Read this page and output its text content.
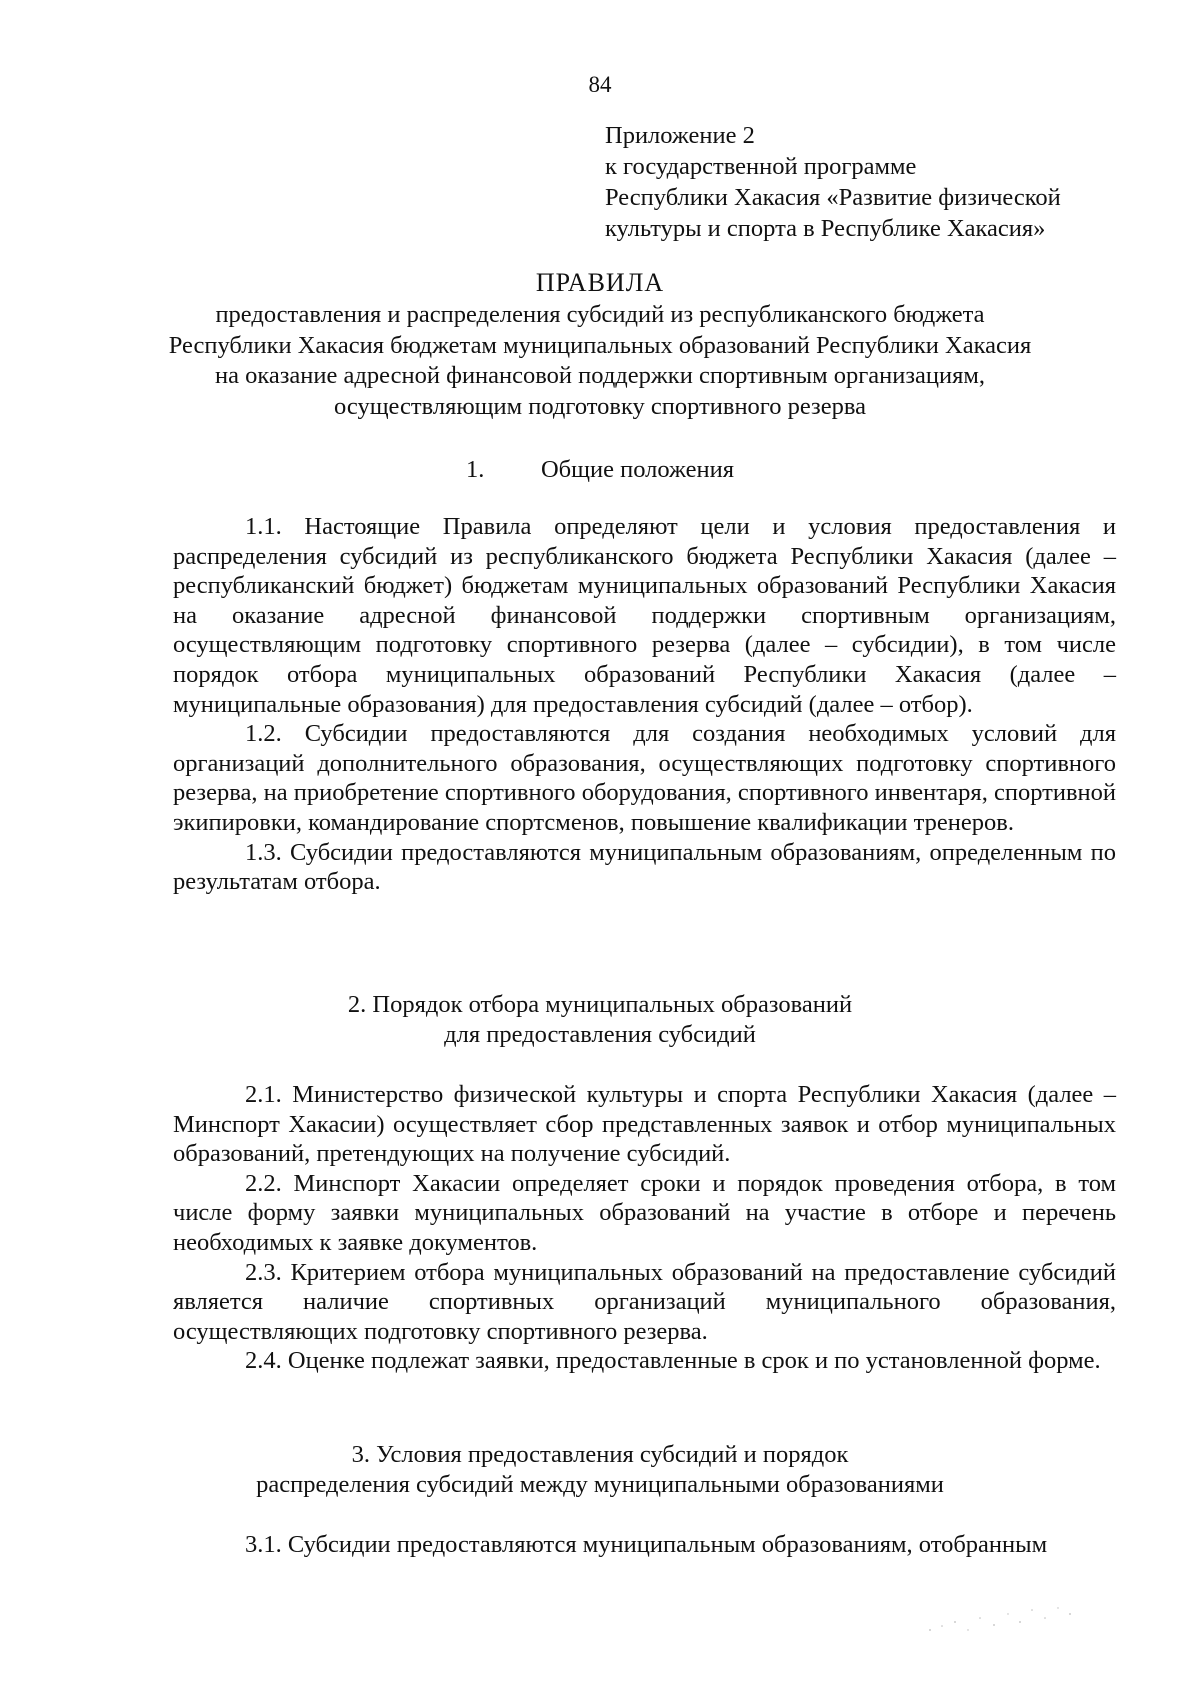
84
Приложение 2
к государственной программе
Республики Хакасия «Развитие физической
культуры и спорта в Республике Хакасия»
ПРАВИЛА
предоставления и распределения субсидий из республиканского бюджета
Республики Хакасия бюджетам муниципальных образований Республики Хакасия
на оказание адресной финансовой поддержки спортивным организациям,
осуществляющим подготовку спортивного резерва
1. Общие положения

1.1. Настоящие Правила определяют цели и условия предоставления и распределения субсидий из республиканского бюджета Республики Хакасия (далее – республиканский бюджет) бюджетам муниципальных образований Республики Хакасия на оказание адресной финансовой поддержки спортивным организациям, осуществляющим подготовку спортивного резерва (далее – субсидии), в том числе порядок отбора муниципальных образований Республики Хакасия (далее – муниципальные образования) для предоставления субсидий (далее – отбор).

1.2. Субсидии предоставляются для создания необходимых условий для организаций дополнительного образования, осуществляющих подготовку спортивного резерва, на приобретение спортивного оборудования, спортивного инвентаря, спортивной экипировки, командирование спортсменов, повышение квалификации тренеров.

1.3. Субсидии предоставляются муниципальным образованиям, определенным по результатам отбора.

2. Порядок отбора муниципальных образований
для предоставления субсидий

2.1. Министерство физической культуры и спорта Республики Хакасия (далее – Минспорт Хакасии) осуществляет сбор представленных заявок и отбор муниципальных образований, претендующих на получение субсидий.

2.2. Минспорт Хакасии определяет сроки и порядок проведения отбора, в том числе форму заявки муниципальных образований на участие в отборе и перечень необходимых к заявке документов.

2.3. Критерием отбора муниципальных образований на предоставление субсидий является наличие спортивных организаций муниципального образования, осуществляющих подготовку спортивного резерва.

2.4. Оценке подлежат заявки, предоставленные в срок и по установленной форме.

3. Условия предоставления субсидий и порядок
распределения субсидий между муниципальными образованиями

3.1. Субсидии предоставляются муниципальным образованиям, отобранным
